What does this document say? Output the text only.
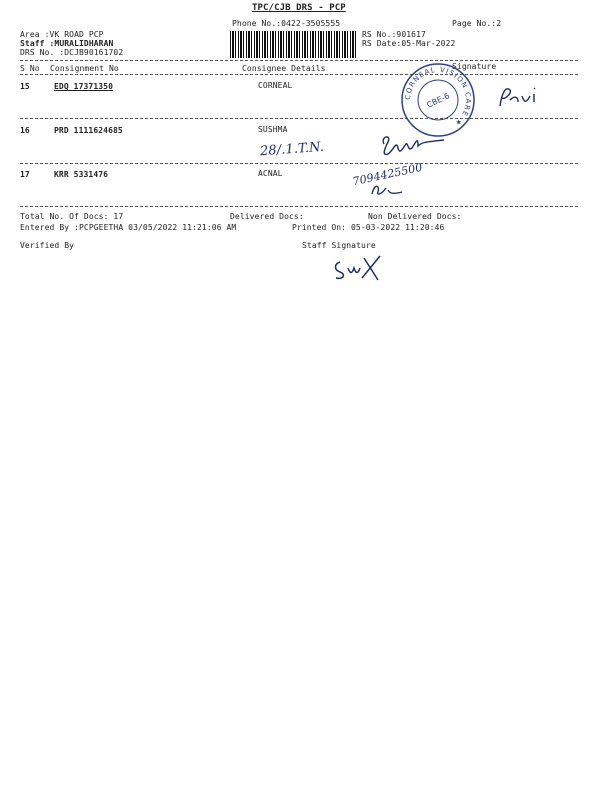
TPC/CJB DRS - PCP
Phone No.:0422-3505555	Page No.:2
Area :VK ROAD PCP
Staff :MURALIDHARAN
DRS No. :DCJB90161702
RS No.:901617
RS Date:05-Mar-2022
S No Consignment No	Consignee Details	Signature
15	EDQ 17371350	CORNEAL
16	PRD 1111624685	SUSHMA
17	KRR 5331476	ACNAL
28/.1.T.N.
7094425500
CORNEAL VISION CARE ★
CBE-6
Total No. Of Docs: 17	Delivered Docs:	Non Delivered Docs:
Entered By :PCPGEETHA 03/05/2022 11:21:06 AM	Printed On: 05-03-2022 11:20:46
Verified By	Staff Signature
